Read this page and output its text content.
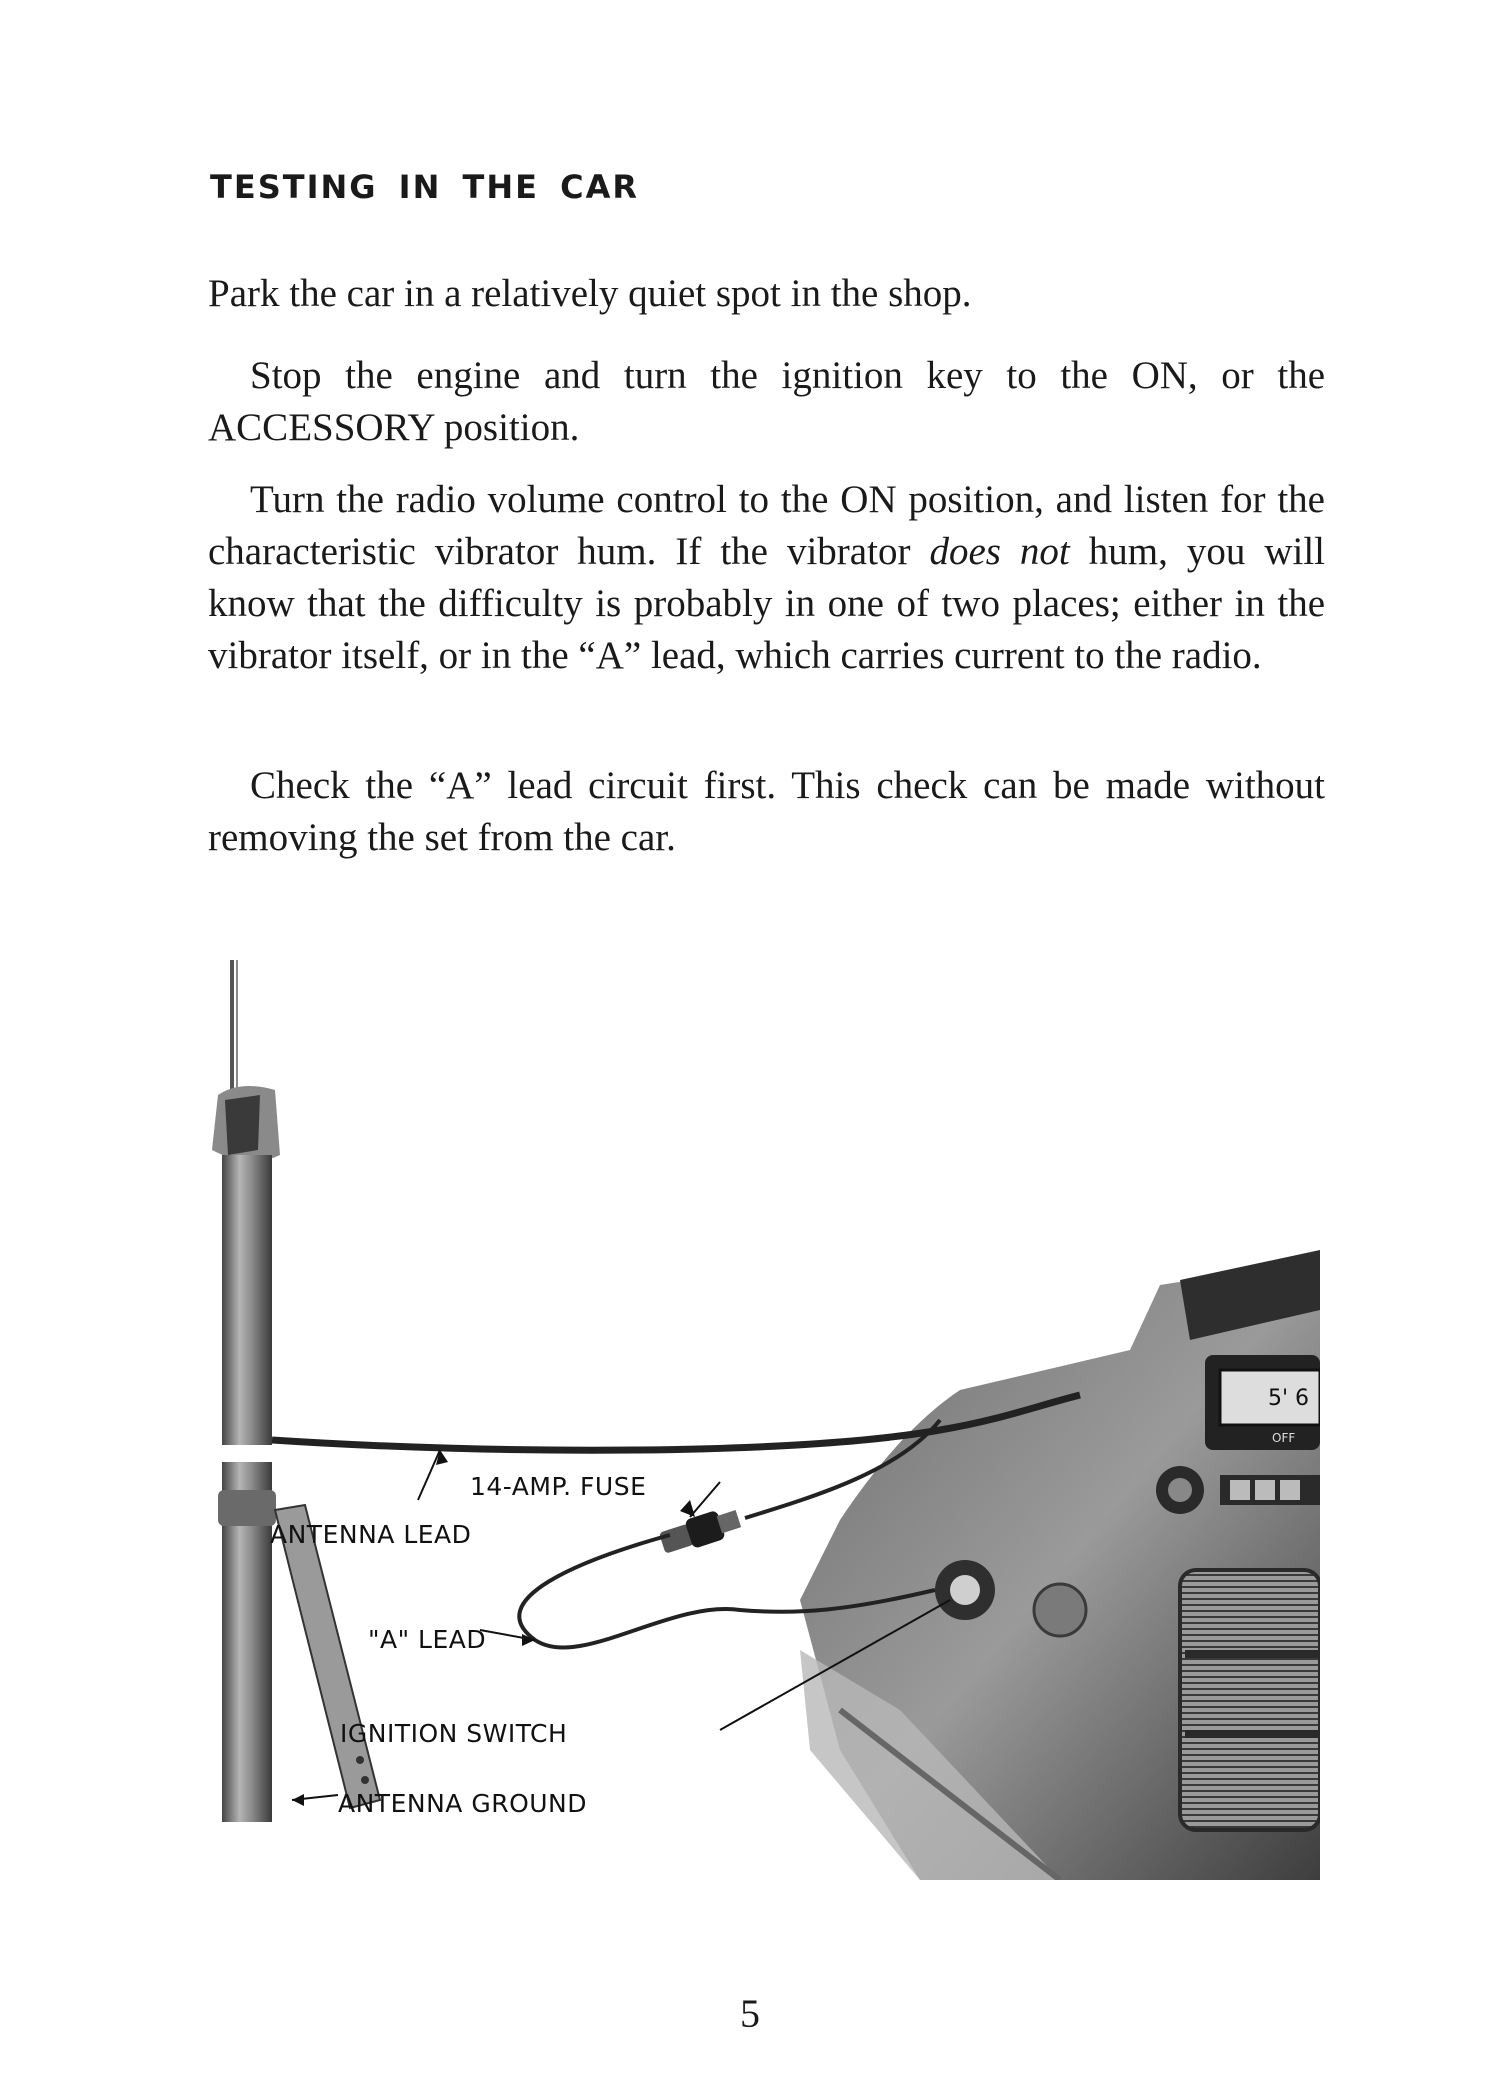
TESTING IN THE CAR

Park the car in a relatively quiet spot in the shop.

Stop the engine and turn the ignition key to the ON, or the ACCESSORY position.

Turn the radio volume control to the ON position, and listen for the characteristic vibrator hum. If the vibrator does not hum, you will know that the difficulty is probably in one of two places; either in the vibrator itself, or in the “A” lead, which carries current to the radio.

Check the “A” lead circuit first. This check can be made without removing the set from the car.

5' 6
OFF
14-AMP. FUSE
ANTENNA LEAD
"A" LEAD
IGNITION SWITCH
ANTENNA GROUND
5
